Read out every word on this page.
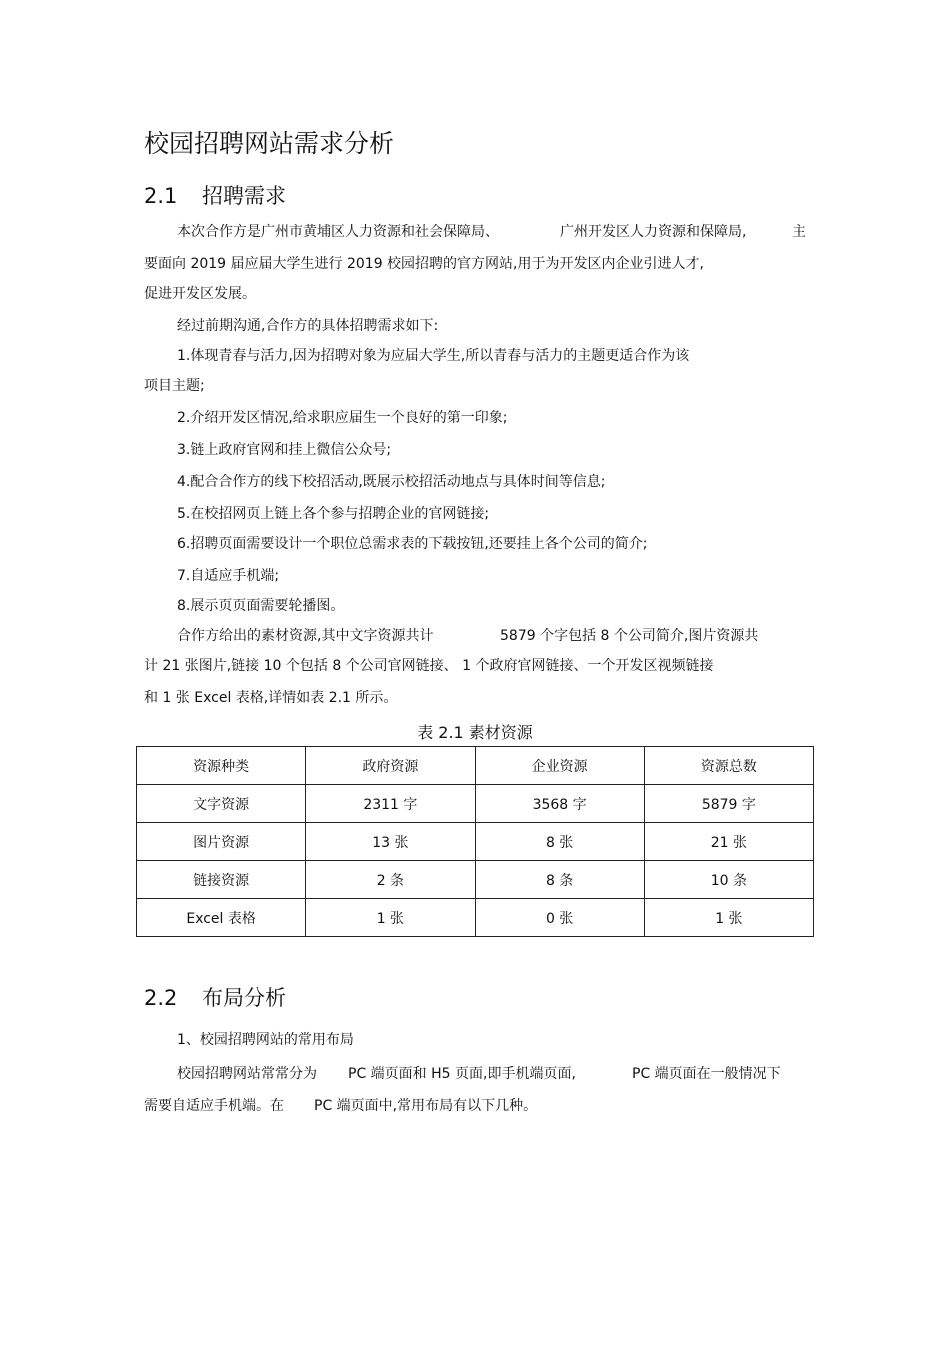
校园招聘网站需求分析
2.1 招聘需求
本次合作方是广州市黄埔区人力资源和社会保障局、	广州开发区人力资源和保障局,	主
要面向 2019 届应届大学生进行 2019 校园招聘的官方网站,用于为开发区内企业引进人才,
促进开发区发展。
经过前期沟通,合作方的具体招聘需求如下:
1.体现青春与活力,因为招聘对象为应届大学生,所以青春与活力的主题更适合作为该
项目主题;
2.介绍开发区情况,给求职应届生一个良好的第一印象;
3.链上政府官网和挂上微信公众号;
4.配合合作方的线下校招活动,既展示校招活动地点与具体时间等信息;
5.在校招网页上链上各个参与招聘企业的官网链接;
6.招聘页面需要设计一个职位总需求表的下载按钮,还要挂上各个公司的简介;
7.自适应手机端;
8.展示页页面需要轮播图。
合作方给出的素材资源,其中文字资源共计	5879 个字包括 8 个公司简介,图片资源共
计 21 张图片,链接 10 个包括 8 个公司官网链接、 1 个政府官网链接、一个开发区视频链接
和 1 张 Excel 表格,详情如表 2.1 所示。
表 2.1 素材资源
资源种类	政府资源	企业资源	资源总数
文字资源	2311 字	3568 字	5879 字
图片资源	13 张	8 张	21 张
链接资源	2 条	8 条	10 条
Excel 表格	1 张	0 张	1 张
2.2 布局分析
1、校园招聘网站的常用布局
校园招聘网站常常分为 PC 端页面和 H5 页面,即手机端页面,	PC 端页面在一般情况下
需要自适应手机端。在 PC 端页面中,常用布局有以下几种。
